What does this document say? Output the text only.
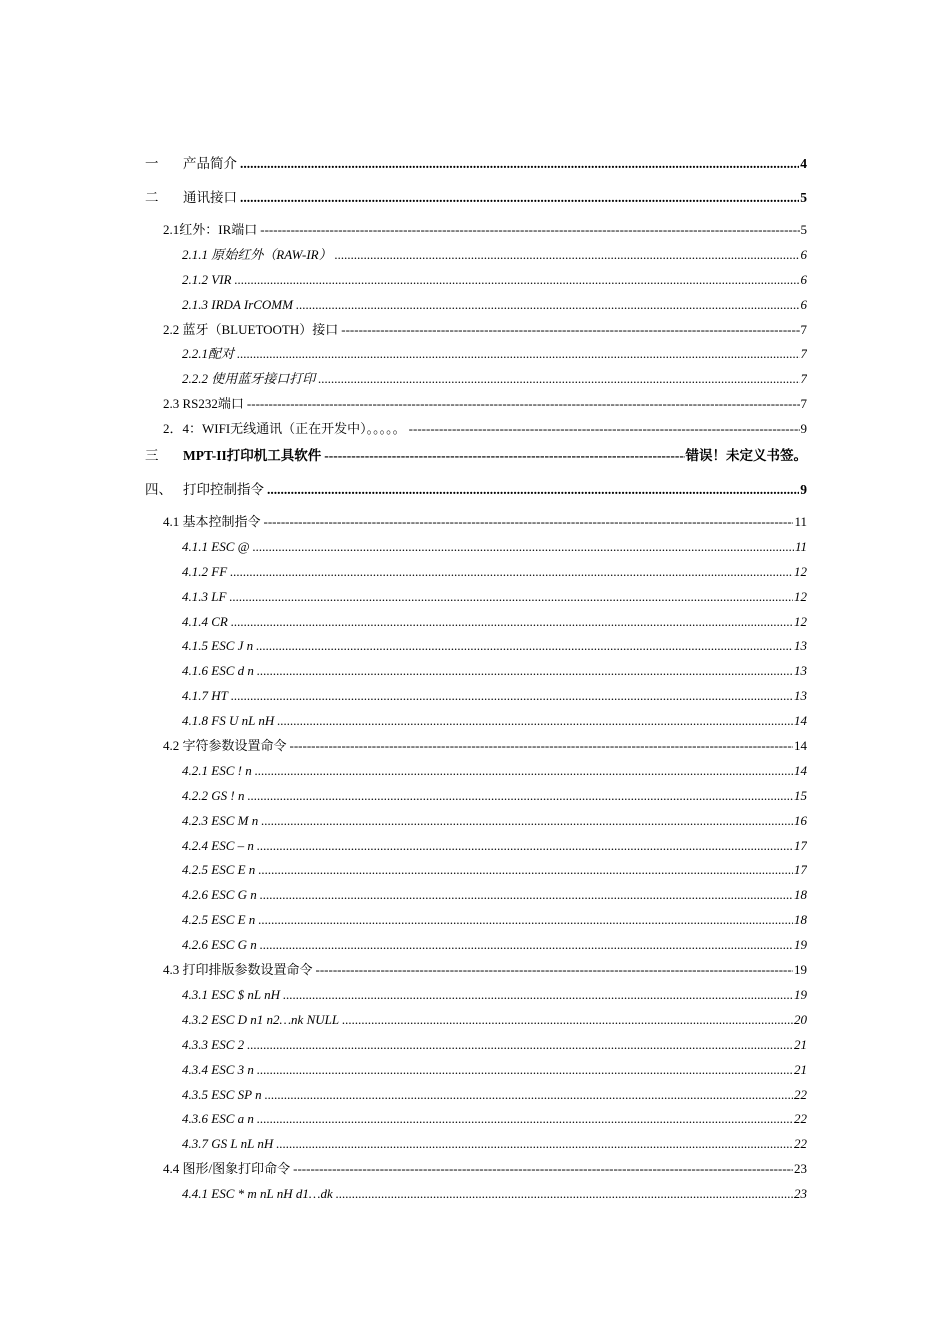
一	产品简介 .....	4
二	通讯接口 .....	5
2.1红外：IR端口 -----	5
2.1.1 原始红外（RAW-IR） .....	6
2.1.2 VIR .....	6
2.1.3 IRDA IrCOMM .....	6
2.2 蓝牙（BLUETOOTH）接口 -----	7
2.2.1配对 .....	7
2.2.2 使用蓝牙接口打印 .....	7
2.3 RS232端口 -----	7
2．4：WIFI无线通讯（正在开发中）。。。。。 -----	9
三	MPT-II打印机工具软件 -----	错误！未定义书签。
四、 打印控制指令 .....	9
4.1 基本控制指令 -----	11
4.1.1 ESC @ .....	11
4.1.2 FF .....	12
4.1.3 LF .....	12
4.1.4 CR .....	12
4.1.5 ESC J n .....	13
4.1.6 ESC d n .....	13
4.1.7 HT .....	13
4.1.8 FS U nL nH .....	14
4.2 字符参数设置命令 -----	14
4.2.1 ESC ! n .....	14
4.2.2 GS ! n .....	15
4.2.3 ESC M n .....	16
4.2.4 ESC – n .....	17
4.2.5 ESC E n .....	17
4.2.6 ESC G n .....	18
4.2.5 ESC E n .....	18
4.2.6 ESC G n .....	19
4.3 打印排版参数设置命令 -----	19
4.3.1 ESC $ nL nH .....	19
4.3.2 ESC D n1 n2…nk NULL .....	20
4.3.3 ESC 2 .....	21
4.3.4 ESC 3 n .....	21
4.3.5 ESC SP n .....	22
4.3.6 ESC a n .....	22
4.3.7 GS L nL nH .....	22
4.4 图形/图象打印命令 -----	23
4.4.1 ESC * m nL nH d1…dk .....	23
